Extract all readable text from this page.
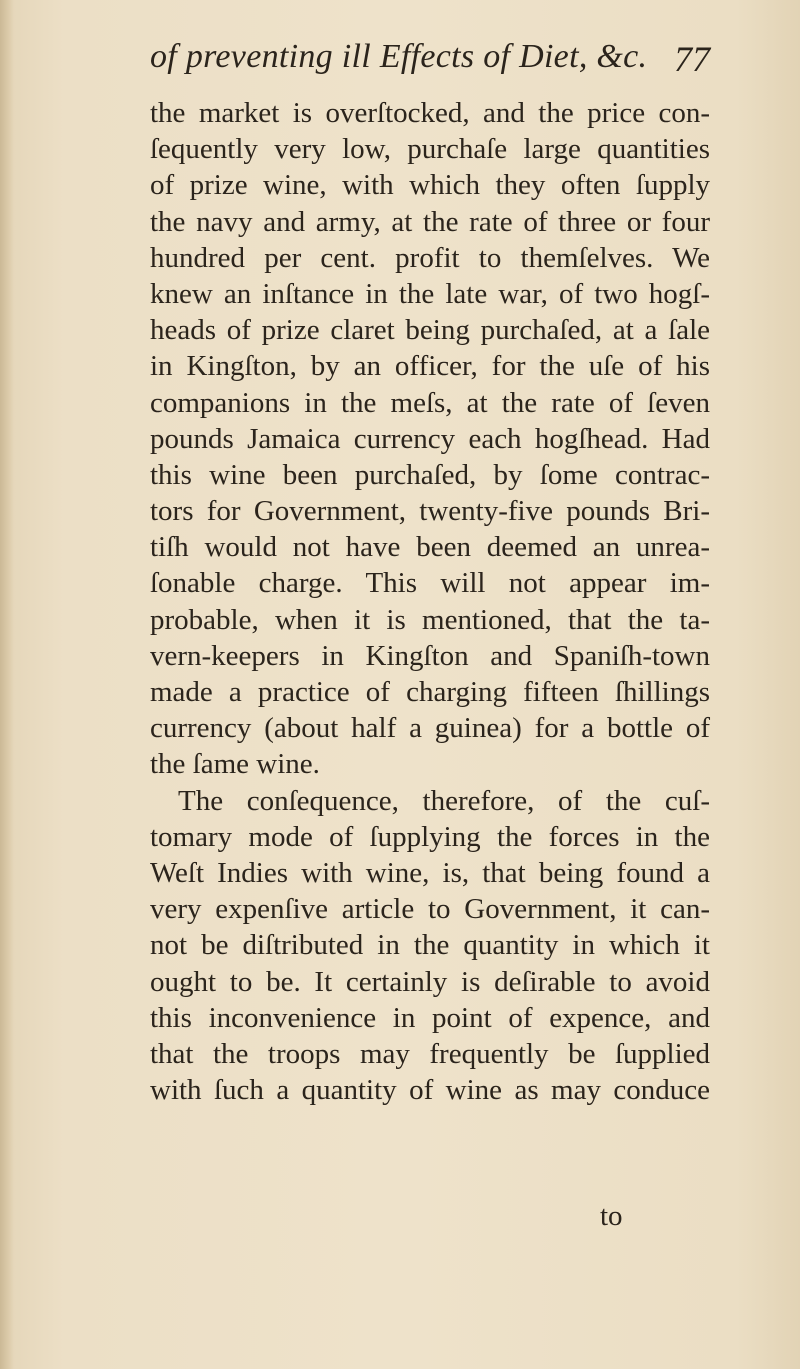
of preventing ill Effects of Diet, &c. 77
the market is overſtocked, and the price con-
ſequently very low, purchaſe large quantities
of prize wine, with which they often ſupply
the navy and army, at the rate of three or four
hundred per cent. profit to themſelves. We
knew an inſtance in the late war, of two hogſ-
heads of prize claret being purchaſed, at a ſale
in Kingſton, by an officer, for the uſe of his
companions in the meſs, at the rate of ſeven
pounds Jamaica currency each hogſhead. Had
this wine been purchaſed, by ſome contrac-
tors for Government, twenty-five pounds Bri-
tiſh would not have been deemed an unrea-
ſonable charge. This will not appear im-
probable, when it is mentioned, that the ta-
vern-keepers in Kingſton and Spaniſh-town
made a practice of charging fifteen ſhillings
currency (about half a guinea) for a bottle of
the ſame wine.
The conſequence, therefore, of the cuſ-
tomary mode of ſupplying the forces in the
Weſt Indies with wine, is, that being found a
very expenſive article to Government, it can-
not be diſtributed in the quantity in which it
ought to be. It certainly is deſirable to avoid
this inconvenience in point of expence, and
that the troops may frequently be ſupplied
with ſuch a quantity of wine as may conduce
to
